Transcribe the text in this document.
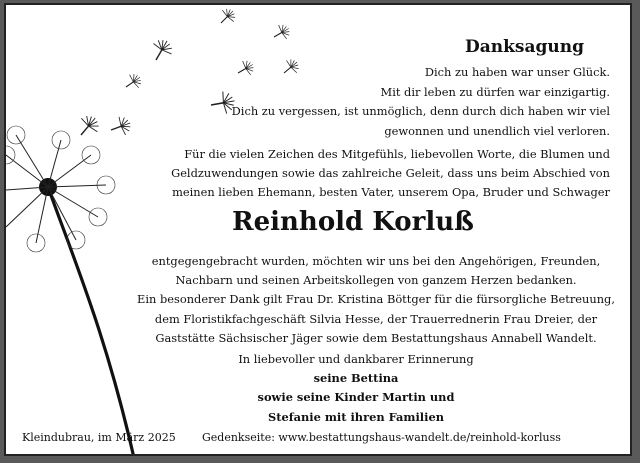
Danksagung
Dich zu haben war unser Glück.
Mit dir leben zu dürfen war einzigartig.
Dich zu vergessen, ist unmöglich, denn durch dich haben wir viel
gewonnen und unendlich viel verloren.
Für die vielen Zeichen des Mitgefühls, liebevollen Worte, die Blumen und
Geldzuwendungen sowie das zahlreiche Geleit, dass uns beim Abschied von
meinen lieben Ehemann, besten Vater, unserem Opa, Bruder und Schwager
Reinhold Korluß
entgegengebracht wurden, möchten wir uns bei den Angehörigen, Freunden,
Nachbarn und seinen Arbeitskollegen von ganzem Herzen bedanken.
Ein besonderer Dank gilt Frau Dr. Kristina Böttger für die fürsorgliche Betreuung,
dem Floristikfachgeschäft Silvia Hesse, der Trauerrednerin Frau Dreier, der
Gaststätte Sächsischer Jäger sowie dem Bestattungshaus Annabell Wandelt.
In liebevoller und dankbarer Erinnerung
seine Bettina
sowie seine Kinder Martin und
Stefanie mit ihren Familien
Kleindubrau, im März 2025 Gedenkseite: www.bestattungshaus-wandelt.de/reinhold-korluss
